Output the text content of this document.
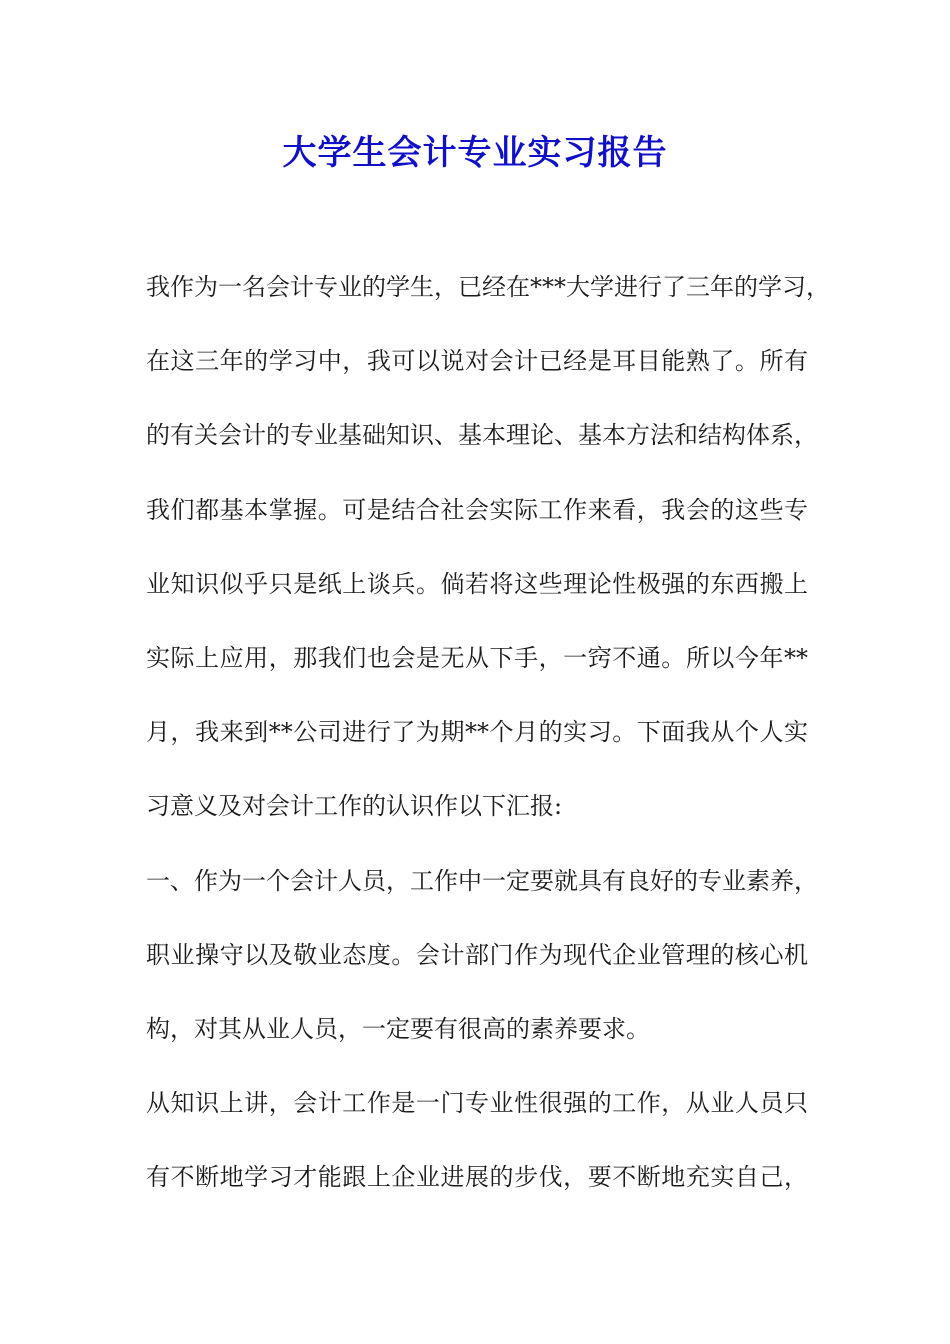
大学生会计专业实习报告
我作为一名会计专业的学生，已经在***大学进行了三年的学习，
在这三年的学习中，我可以说对会计已经是耳目能熟了。所有
的有关会计的专业基础知识、基本理论、基本方法和结构体系，
我们都基本掌握。可是结合社会实际工作来看，我会的这些专
业知识似乎只是纸上谈兵。倘若将这些理论性极强的东西搬上
实际上应用，那我们也会是无从下手，一窍不通。所以今年**
月，我来到**公司进行了为期**个月的实习。下面我从个人实
习意义及对会计工作的认识作以下汇报:
一、作为一个会计人员，工作中一定要就具有良好的专业素养，
职业操守以及敬业态度。会计部门作为现代企业管理的核心机
构，对其从业人员，一定要有很高的素养要求。
从知识上讲，会计工作是一门专业性很强的工作，从业人员只
有不断地学习才能跟上企业进展的步伐，要不断地充实自己，
